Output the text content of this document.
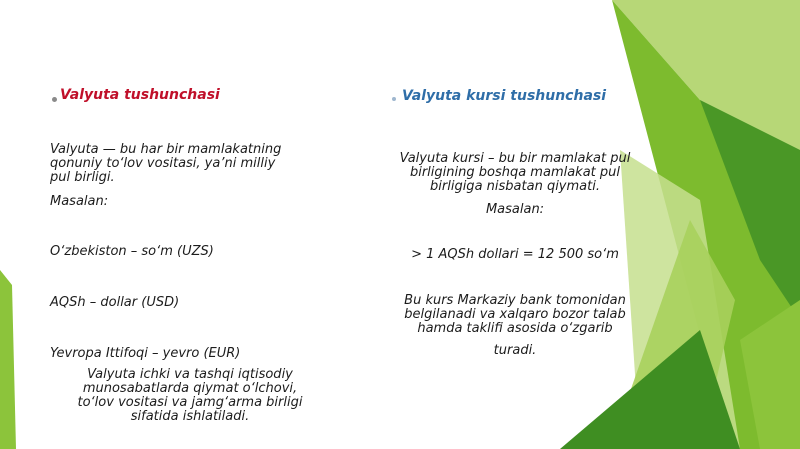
Valyuta tushunchasi
Valyuta — bu har bir mamlakatning
qonuniy to‘lov vositasi, ya’ni milliy
pul birligi.
Masalan:
O‘zbekiston – so‘m (UZS)
AQSh – dollar (USD)
Yevropa Ittifoqi – yevro (EUR)
Valyuta ichki va tashqi iqtisodiy
munosabatlarda qiymat o‘lchovi,
to‘lov vositasi va jamg‘arma birligi
sifatida ishlatiladi.
Valyuta kursi tushunchasi
Valyuta kursi – bu bir mamlakat pul
birligining boshqa mamlakat pul
birligiga nisbatan qiymati.
Masalan:
> 1 AQSh dollari = 12 500 so‘m
Bu kurs Markaziy bank tomonidan
belgilanadi va xalqaro bozor talab
hamda taklifi asosida o‘zgarib
turadi.
